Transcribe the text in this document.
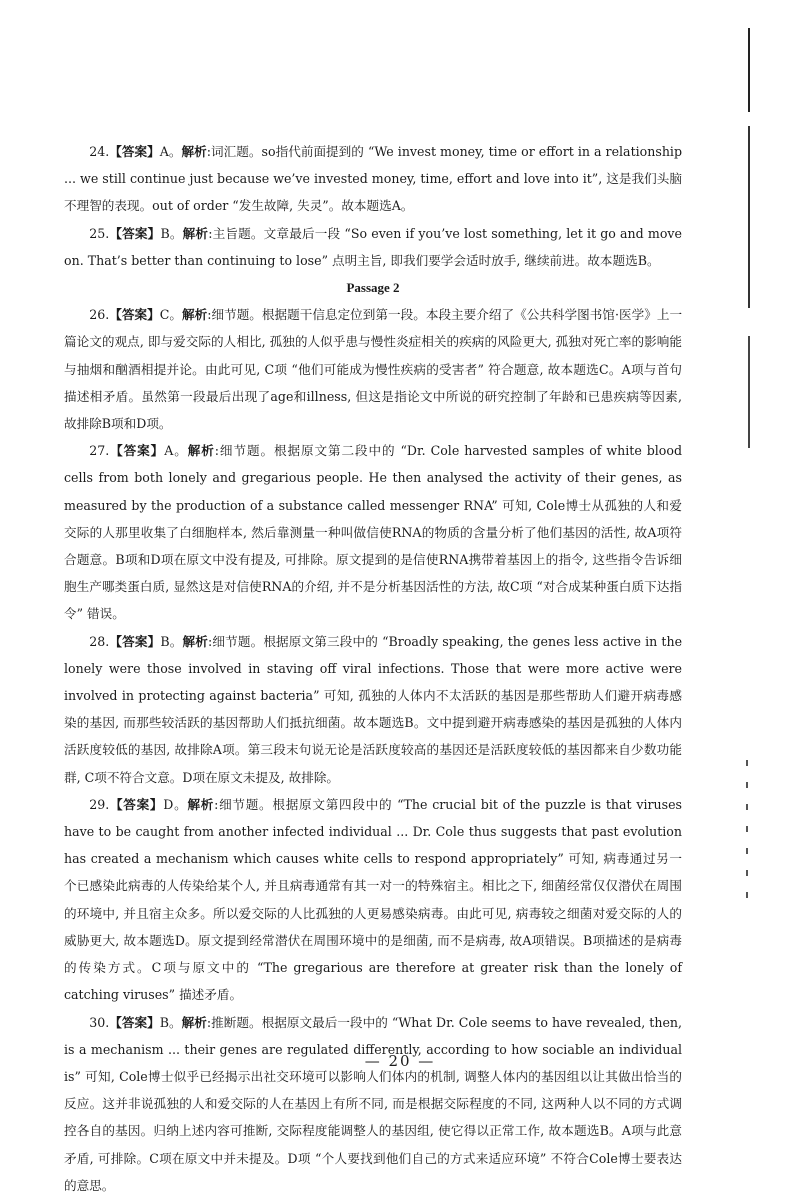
24.【答案】A。解析:词汇题。so指代前面提到的 “We invest money, time or effort in a relationship ... we still continue just because we’ve invested money, time, effort and love into it”, 这是我们头脑不理智的表现。out of order “发生故障, 失灵”。故本题选A。

25.【答案】B。解析:主旨题。文章最后一段 “So even if you’ve lost something, let it go and move on. That’s better than continuing to lose” 点明主旨, 即我们要学会适时放手, 继续前进。故本题选B。

Passage 2

26.【答案】C。解析:细节题。根据题干信息定位到第一段。本段主要介绍了《公共科学图书馆·医学》上一篇论文的观点, 即与爱交际的人相比, 孤独的人似乎患与慢性炎症相关的疾病的风险更大, 孤独对死亡率的影响能与抽烟和酗酒相提并论。由此可见, C项 “他们可能成为慢性疾病的受害者” 符合题意, 故本题选C。A项与首句描述相矛盾。虽然第一段最后出现了age和illness, 但这是指论文中所说的研究控制了年龄和已患疾病等因素, 故排除B项和D项。

27.【答案】A。解析:细节题。根据原文第二段中的 “Dr. Cole harvested samples of white blood cells from both lonely and gregarious people. He then analysed the activity of their genes, as measured by the production of a substance called messenger RNA” 可知, Cole博士从孤独的人和爱交际的人那里收集了白细胞样本, 然后靠测量一种叫做信使RNA的物质的含量分析了他们基因的活性, 故A项符合题意。B项和D项在原文中没有提及, 可排除。原文提到的是信使RNA携带着基因上的指令, 这些指令告诉细胞生产哪类蛋白质, 显然这是对信使RNA的介绍, 并不是分析基因活性的方法, 故C项 “对合成某种蛋白质下达指令” 错误。

28.【答案】B。解析:细节题。根据原文第三段中的 “Broadly speaking, the genes less active in the lonely were those involved in staving off viral infections. Those that were more active were involved in protecting against bacteria” 可知, 孤独的人体内不太活跃的基因是那些帮助人们避开病毒感染的基因, 而那些较活跃的基因帮助人们抵抗细菌。故本题选B。文中提到避开病毒感染的基因是孤独的人体内活跃度较低的基因, 故排除A项。第三段末句说无论是活跃度较高的基因还是活跃度较低的基因都来自少数功能群, C项不符合文意。D项在原文未提及, 故排除。

29.【答案】D。解析:细节题。根据原文第四段中的 “The crucial bit of the puzzle is that viruses have to be caught from another infected individual ... Dr. Cole thus suggests that past evolution has created a mechanism which causes white cells to respond appropriately” 可知, 病毒通过另一个已感染此病毒的人传染给某个人, 并且病毒通常有其一对一的特殊宿主。相比之下, 细菌经常仅仅潜伏在周围的环境中, 并且宿主众多。所以爱交际的人比孤独的人更易感染病毒。由此可见, 病毒较之细菌对爱交际的人的威胁更大, 故本题选D。原文提到经常潜伏在周围环境中的是细菌, 而不是病毒, 故A项错误。B项描述的是病毒的传染方式。C项与原文中的 “The gregarious are therefore at greater risk than the lonely of catching viruses” 描述矛盾。

30.【答案】B。解析:推断题。根据原文最后一段中的 “What Dr. Cole seems to have revealed, then, is a mechanism ... their genes are regulated differently, according to how sociable an individual is” 可知, Cole博士似乎已经揭示出社交环境可以影响人们体内的机制, 调整人体内的基因组以让其做出恰当的反应。这并非说孤独的人和爱交际的人在基因上有所不同, 而是根据交际程度的不同, 这两种人以不同的方式调控各自的基因。归纳上述内容可推断, 交际程度能调整人的基因组, 使它得以正常工作, 故本题选B。A项与此意矛盾, 可排除。C项在原文中并未提及。D项 “个人要找到他们自己的方式来适应环境” 不符合Cole博士要表达的意思。

— 20 —
